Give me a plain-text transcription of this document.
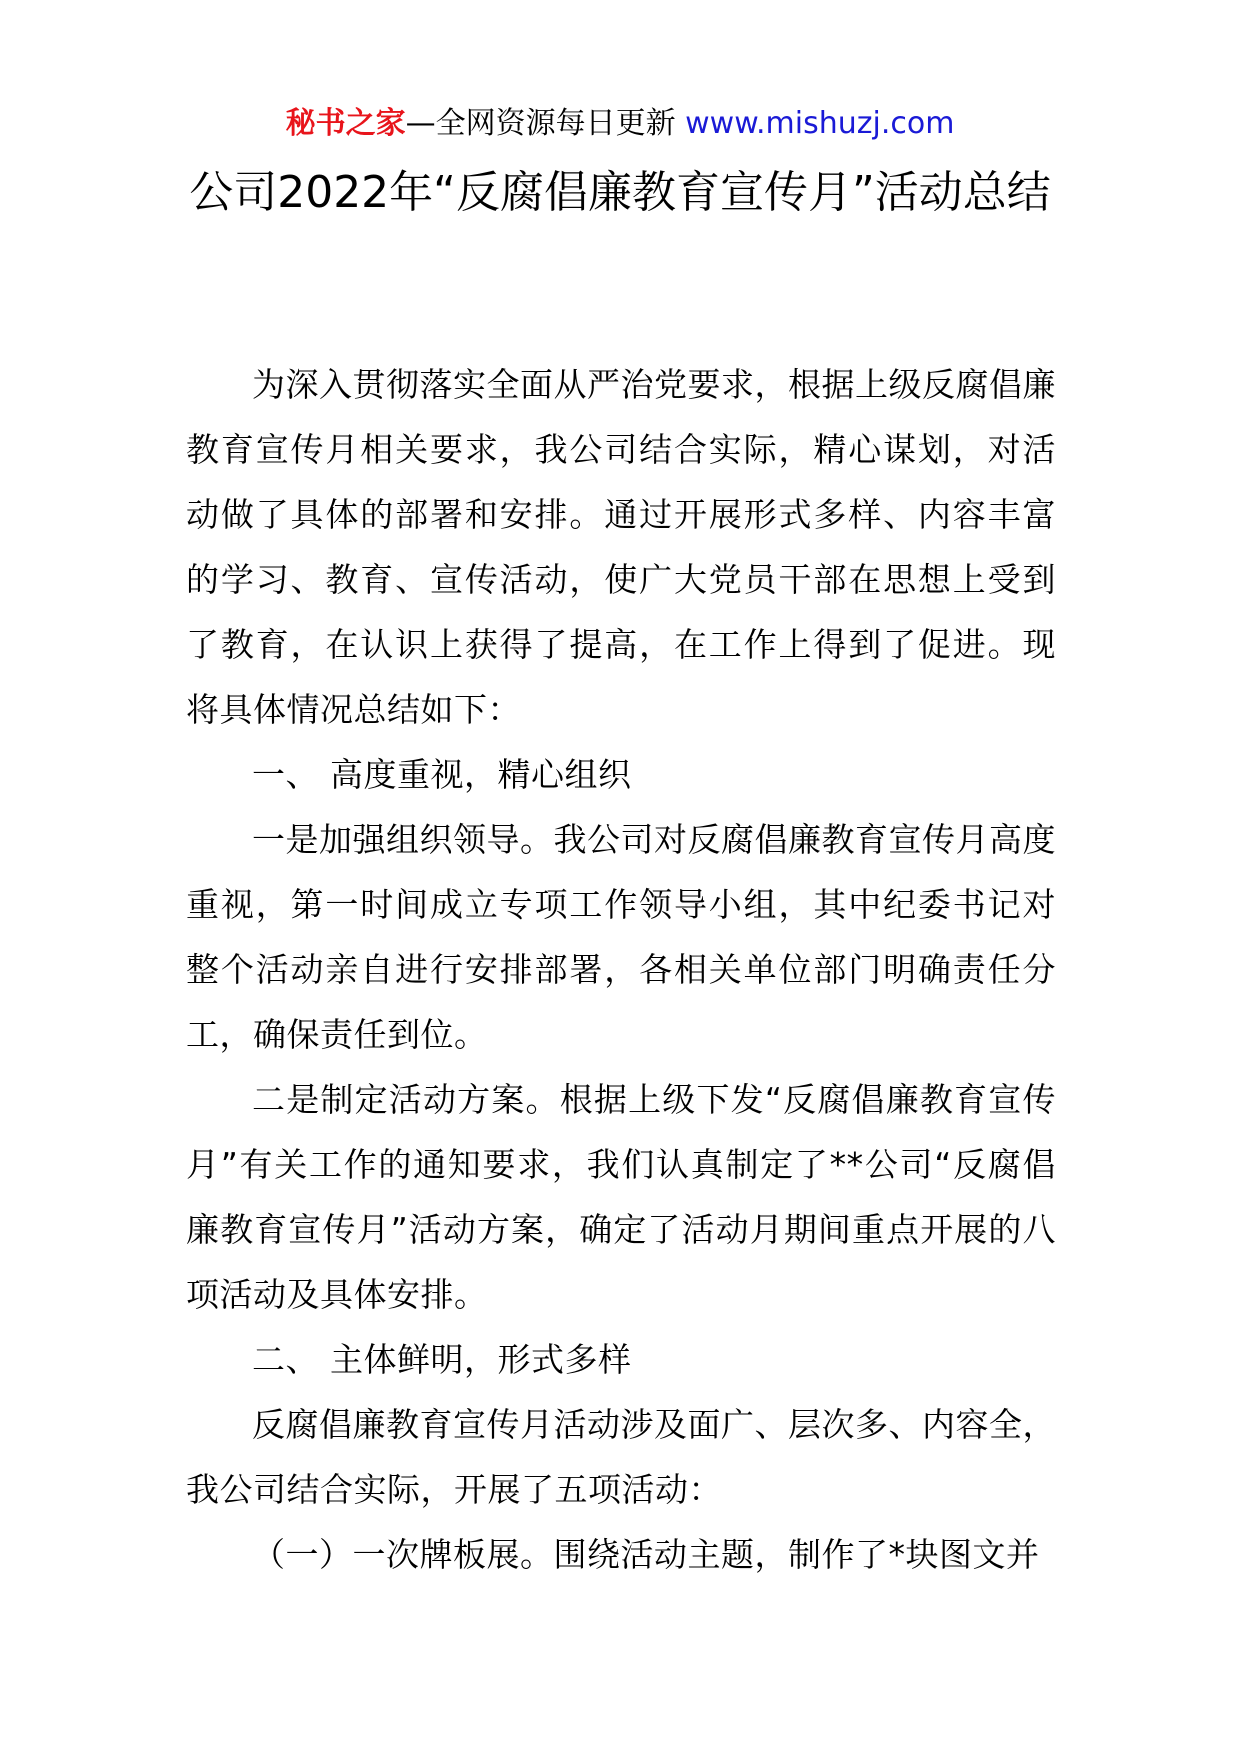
秘书之家—全网资源每日更新 www.mishuzj.com
公司2022年“反腐倡廉教育宣传月”活动总结

为深入贯彻落实全面从严治党要求，根据上级反腐倡廉教育宣传月相关要求，我公司结合实际，精心谋划，对活动做了具体的部署和安排。通过开展形式多样、内容丰富的学习、教育、宣传活动，使广大党员干部在思想上受到了教育，在认识上获得了提高，在工作上得到了促进。现将具体情况总结如下：

一、 高度重视，精心组织

一是加强组织领导。我公司对反腐倡廉教育宣传月高度重视，第一时间成立专项工作领导小组，其中纪委书记对整个活动亲自进行安排部署，各相关单位部门明确责任分工，确保责任到位。

二是制定活动方案。根据上级下发“反腐倡廉教育宣传月”有关工作的通知要求，我们认真制定了**公司“反腐倡廉教育宣传月”活动方案，确定了活动月期间重点开展的八项活动及具体安排。

二、 主体鲜明，形式多样

反腐倡廉教育宣传月活动涉及面广、层次多、内容全，我公司结合实际，开展了五项活动：

（一）一次牌板展。围绕活动主题，制作了*块图文并
